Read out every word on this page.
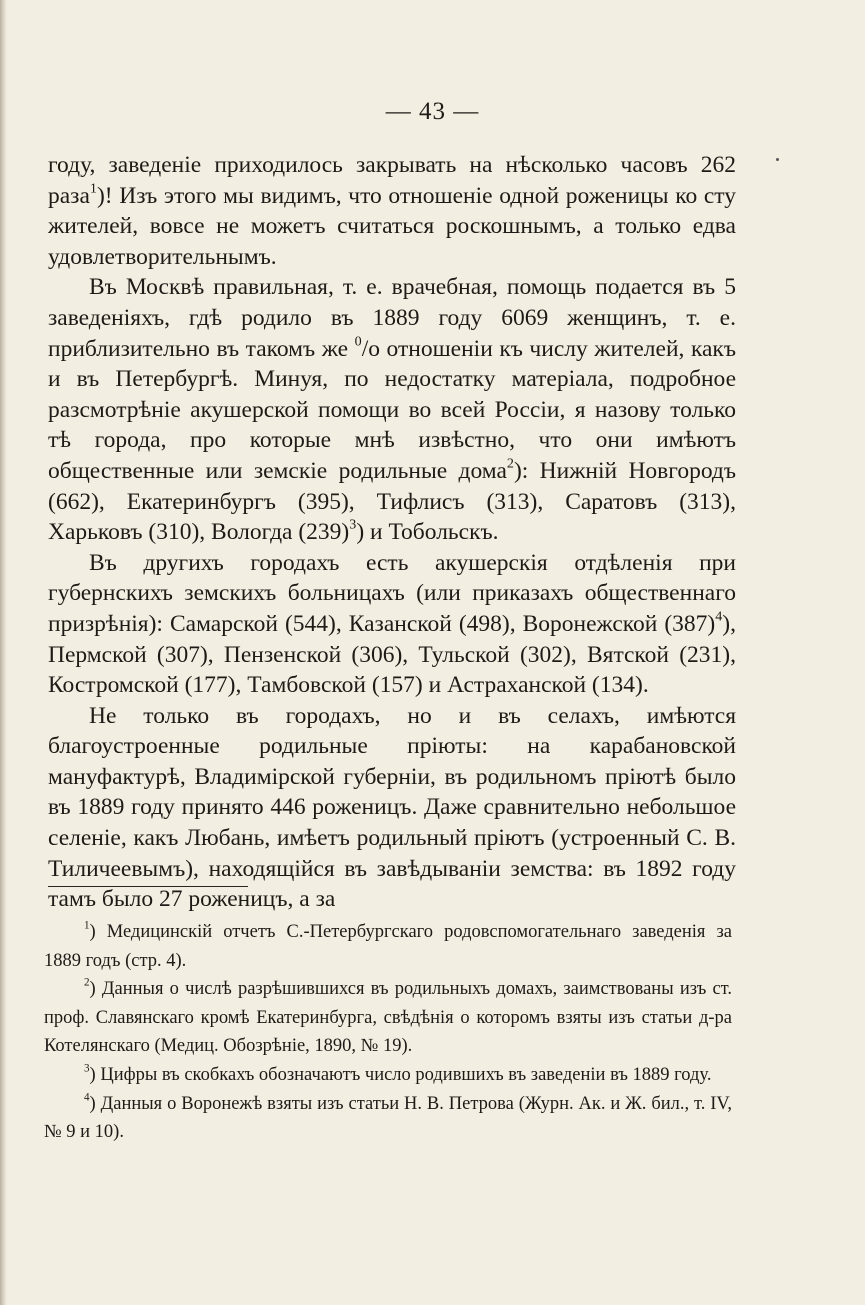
— 43 —

году, заведеніе приходилось закрывать на нѣсколько часовъ 262 раза$^1$)! Изъ этого мы видимъ, что отношеніе одной роженицы ко сту жителей, вовсе не можетъ считаться роскошнымъ, а только едва удовлетворительнымъ.

Въ Москвѣ правильная, т. е. врачебная, помощь подается въ 5 заведеніяхъ, гдѣ родило въ 1889 году 6069 женщинъ, т. е. приблизительно въ такомъ же $^0$/о отношеніи къ числу жителей, какъ и въ Петербургѣ. Минуя, по недостатку матеріала, подробное разсмотрѣніе акушерской помощи во всей Россіи, я назову только тѣ города, про которые мнѣ извѣстно, что они имѣютъ общественные или земскіе родильные дома$^2$): Нижній Новгородъ (662), Екатеринбургъ (395), Тифлисъ (313), Саратовъ (313), Харьковъ (310), Вологда $(239)^3$) и Тобольскъ.

Въ другихъ городахъ есть акушерскія отдѣленія при губернскихъ земскихъ больницахъ (или приказахъ общественнаго призрѣнія): Самарской (544), Казанской (498), Воронежской $(387)^4$), Пермской (307), Пензенской (306), Тульской (302), Вятской (231), Костромской (177), Тамбовской (157) и Астраханской (134).

Не только въ городахъ, но и въ селахъ, имѣются благоустроенные родильные пріюты: на карабановской мануфактурѣ, Владимірской губерніи, въ родильномъ пріютѣ было въ 1889 году принято 446 роженицъ. Даже сравнительно небольшое селеніе, какъ Любань, имѣетъ родильный пріютъ (устроенный С. В. Тиличеевымъ), находящійся въ завѣдываніи земства: въ 1892 году тамъ было 27 роженицъ, а за

$^1$) Медицинскій отчетъ С.-Петербургскаго родовспомогательнаго заведенія за 1889 годъ (стр. 4).

$^2$) Данныя о числѣ разрѣшившихся въ родильныхъ домахъ, заимствованы изъ ст. проф. Славянскаго кромѣ Екатеринбурга, свѣдѣнія о которомъ взяты изъ статьи д-ра Котелянскаго (Медиц. Обозрѣніе, 1890, № 19).

$^3$) Цифры въ скобкахъ обозначаютъ число родившихъ въ заведеніи въ 1889 году.

$^4$) Данныя о Воронежѣ взяты изъ статьи Н. В. Петрова (Журн. Ак. и Ж. бил., т. IV, № 9 и 10).
